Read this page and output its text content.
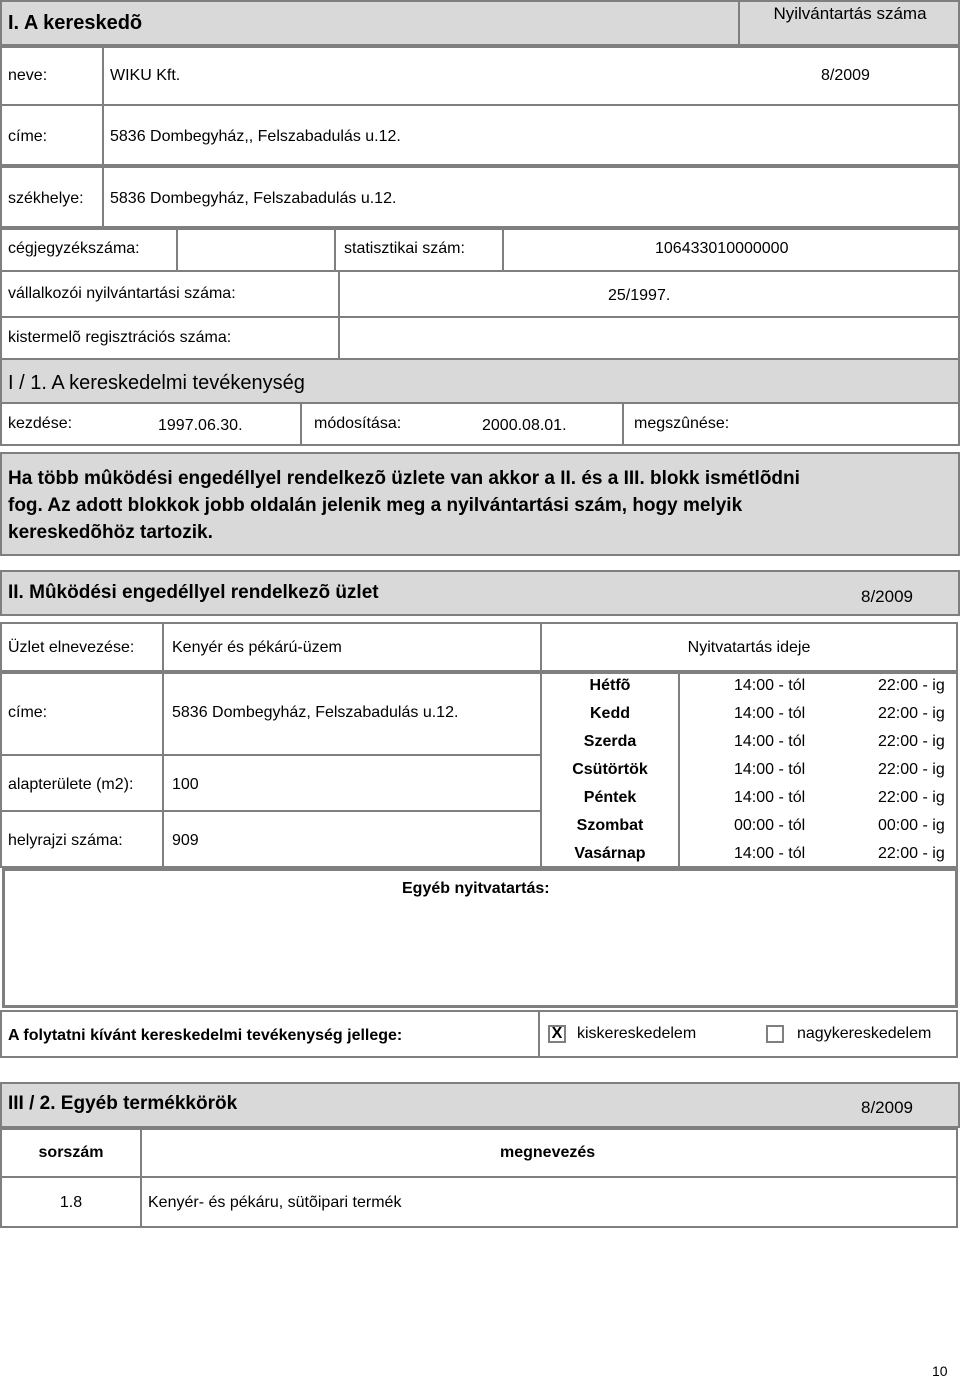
I. A kereskedõ	Nyilvántartás száma
neve:	WIKU Kft.	8/2009
címe:	5836 Dombegyház,, Felszabadulás u.12.
székhelye: 5836 Dombegyház, Felszabadulás u.12.
cégjegyzékszáma:	statisztikai szám:	106433010000000
vállalkozói nyilvántartási száma:	25/1997.
kistermelõ regisztrációs száma:
I / 1. A kereskedelmi tevékenység
kezdése:	1997.06.30.	módosítása:	2000.08.01.	megszûnése:
Ha több mûködési engedéllyel rendelkezõ üzlete van akkor a II. és a III. blokk ismétlõdni
fog. Az adott blokkok jobb oldalán jelenik meg a nyilvántartási szám, hogy melyik
kereskedõhöz tartozik.
II. Mûködési engedéllyel rendelkezõ üzlet	8/2009
Üzlet elnevezése: Kenyér és pékárú-üzem	Nyitvatartás ideje
címe:	5836 Dombegyház, Felszabadulás u.12.
alapterülete (m2): 100
helyrajzi száma:	909
Hétfõ	14:00 - tól	22:00 - ig
Kedd	14:00 - tól	22:00 - ig
Szerda	14:00 - tól	22:00 - ig
Csütörtök	14:00 - tól	22:00 - ig
Péntek	14:00 - tól	22:00 - ig
Szombat	00:00 - tól	00:00 - ig
Vasárnap	14:00 - tól	22:00 - ig
Egyéb nyitvatartás:
A folytatni kívánt kereskedelmi tevékenység jellege:	X kiskereskedelem	nagykereskedelem
III / 2. Egyéb termékkörök	8/2009
sorszám	megnevezés
1.8	Kenyér- és pékáru, sütõipari termék
10
